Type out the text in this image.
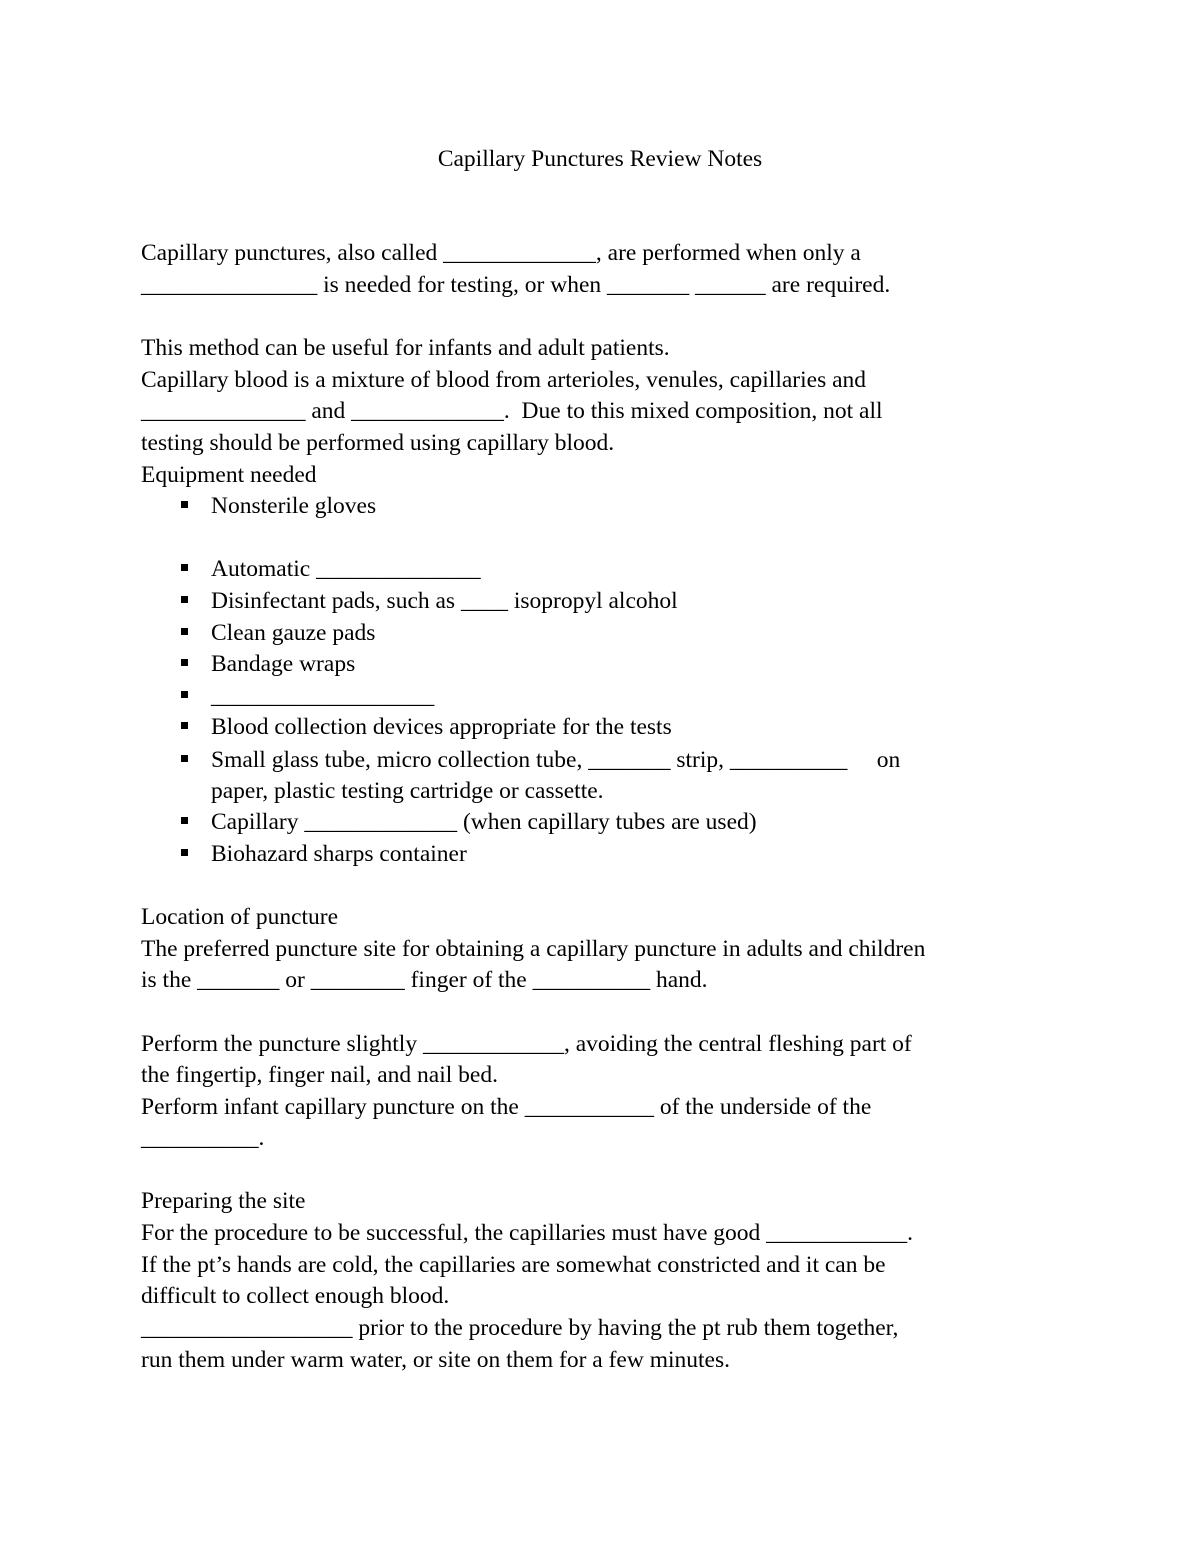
Capillary Punctures Review Notes
Capillary punctures, also called _____________, are performed when only a
_______________ is needed for testing, or when _______ ______ are required.
This method can be useful for infants and adult patients.
Capillary blood is a mixture of blood from arterioles, venules, capillaries and
______________ and _____________.  Due to this mixed composition, not all
testing should be performed using capillary blood.
Equipment needed

Nonsterile gloves

Automatic ______________

Disinfectant pads, such as ____ isopropyl alcohol

Clean gauze pads

Bandage wraps

___________________

Blood collection devices appropriate for the tests

Small glass tube, micro collection tube, _______ strip, __________     on

paper, plastic testing cartridge or cassette.

Capillary _____________ (when capillary tubes are used)

Biohazard sharps container

Location of puncture
The preferred puncture site for obtaining a capillary puncture in adults and children
is the _______ or ________ finger of the __________ hand.
Perform the puncture slightly ____________, avoiding the central fleshing part of
the fingertip, finger nail, and nail bed.
Perform infant capillary puncture on the ___________ of the underside of the
__________.
Preparing the site
For the procedure to be successful, the capillaries must have good ____________.
If the pt’s hands are cold, the capillaries are somewhat constricted and it can be
difficult to collect enough blood.
__________________ prior to the procedure by having the pt rub them together,
run them under warm water, or site on them for a few minutes.
